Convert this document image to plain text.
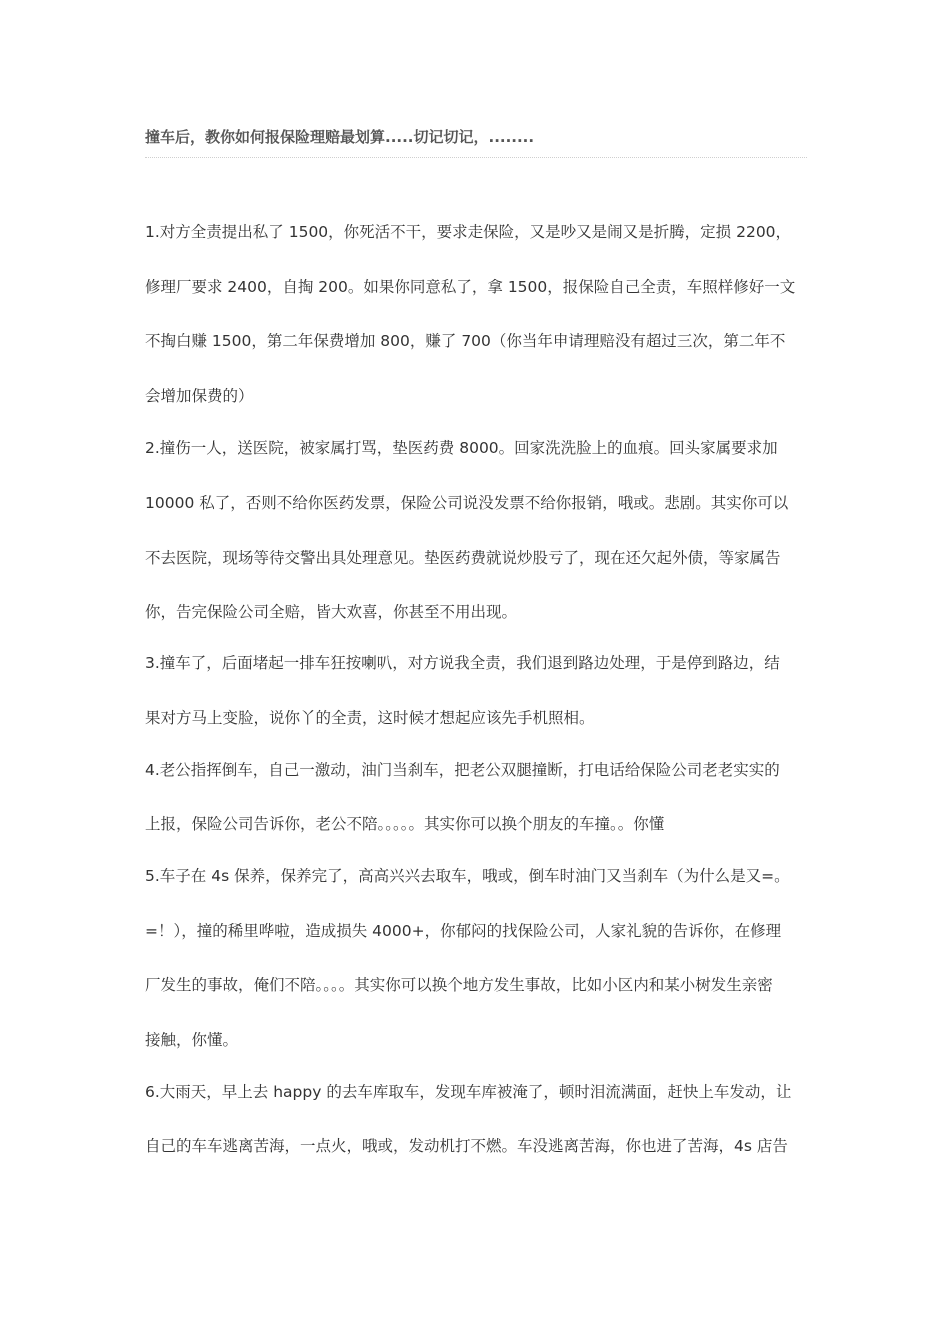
撞车后，教你如何报保险理赔最划算.....切记切记，........
1.对方全责提出私了 1500，你死活不干，要求走保险，又是吵又是闹又是折腾，定损 2200，
修理厂要求 2400，自掏 200。如果你同意私了，拿 1500，报保险自己全责，车照样修好一文
不掏白赚 1500，第二年保费增加 800，赚了 700（你当年申请理赔没有超过三次，第二年不
会增加保费的）
2.撞伤一人，送医院，被家属打骂，垫医药费 8000。回家洗洗脸上的血痕。回头家属要求加
10000 私了，否则不给你医药发票，保险公司说没发票不给你报销，哦或。悲剧。其实你可以
不去医院，现场等待交警出具处理意见。垫医药费就说炒股亏了，现在还欠起外债，等家属告
你，告完保险公司全赔，皆大欢喜，你甚至不用出现。
3.撞车了，后面堵起一排车狂按喇叭，对方说我全责，我们退到路边处理，于是停到路边，结
果对方马上变脸，说你丫的全责，这时候才想起应该先手机照相。
4.老公指挥倒车，自己一激动，油门当刹车，把老公双腿撞断，打电话给保险公司老老实实的
上报，保险公司告诉你，老公不陪。。。。。其实你可以换个朋友的车撞。。你懂
5.车子在 4s 保养，保养完了，高高兴兴去取车，哦或，倒车时油门又当刹车（为什么是又=。
=！），撞的稀里哗啦，造成损失 4000+，你郁闷的找保险公司，人家礼貌的告诉你，在修理
厂发生的事故，俺们不陪。。。。其实你可以换个地方发生事故，比如小区内和某小树发生亲密
接触，你懂。
6.大雨天，早上去 happy 的去车库取车，发现车库被淹了，顿时泪流满面，赶快上车发动，让
自己的车车逃离苦海，一点火，哦或，发动机打不燃。车没逃离苦海，你也进了苦海，4s 店告
